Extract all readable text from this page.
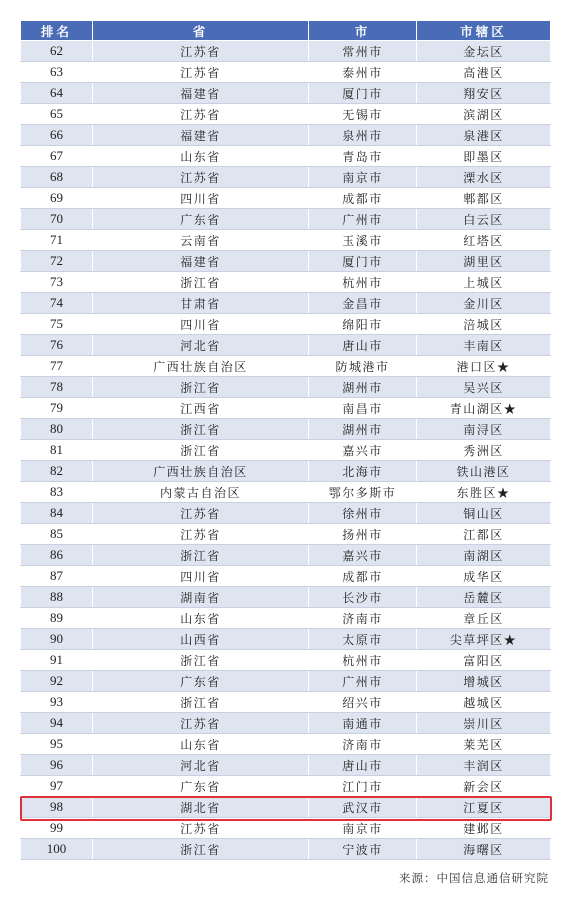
排名	省	市	市辖区
62	江苏省	常州市	金坛区
63	江苏省	泰州市	高港区
64	福建省	厦门市	翔安区
65	江苏省	无锡市	滨湖区
66	福建省	泉州市	泉港区
67	山东省	青岛市	即墨区
68	江苏省	南京市	溧水区
69	四川省	成都市	郫都区
70	广东省	广州市	白云区
71	云南省	玉溪市	红塔区
72	福建省	厦门市	湖里区
73	浙江省	杭州市	上城区
74	甘肃省	金昌市	金川区
75	四川省	绵阳市	涪城区
76	河北省	唐山市	丰南区
77	广西壮族自治区	防城港市	港口区★
78	浙江省	湖州市	吴兴区
79	江西省	南昌市	青山湖区★
80	浙江省	湖州市	南浔区
81	浙江省	嘉兴市	秀洲区
82	广西壮族自治区	北海市	铁山港区
83	内蒙古自治区	鄂尔多斯市	东胜区★
84	江苏省	徐州市	铜山区
85	江苏省	扬州市	江都区
86	浙江省	嘉兴市	南湖区
87	四川省	成都市	成华区
88	湖南省	长沙市	岳麓区
89	山东省	济南市	章丘区
90	山西省	太原市	尖草坪区★
91	浙江省	杭州市	富阳区
92	广东省	广州市	增城区
93	浙江省	绍兴市	越城区
94	江苏省	南通市	崇川区
95	山东省	济南市	莱芜区
96	河北省	唐山市	丰润区
97	广东省	江门市	新会区
98	湖北省	武汉市	江夏区
99	江苏省	南京市	建邺区
100	浙江省	宁波市	海曙区
来源：中国信息通信研究院
